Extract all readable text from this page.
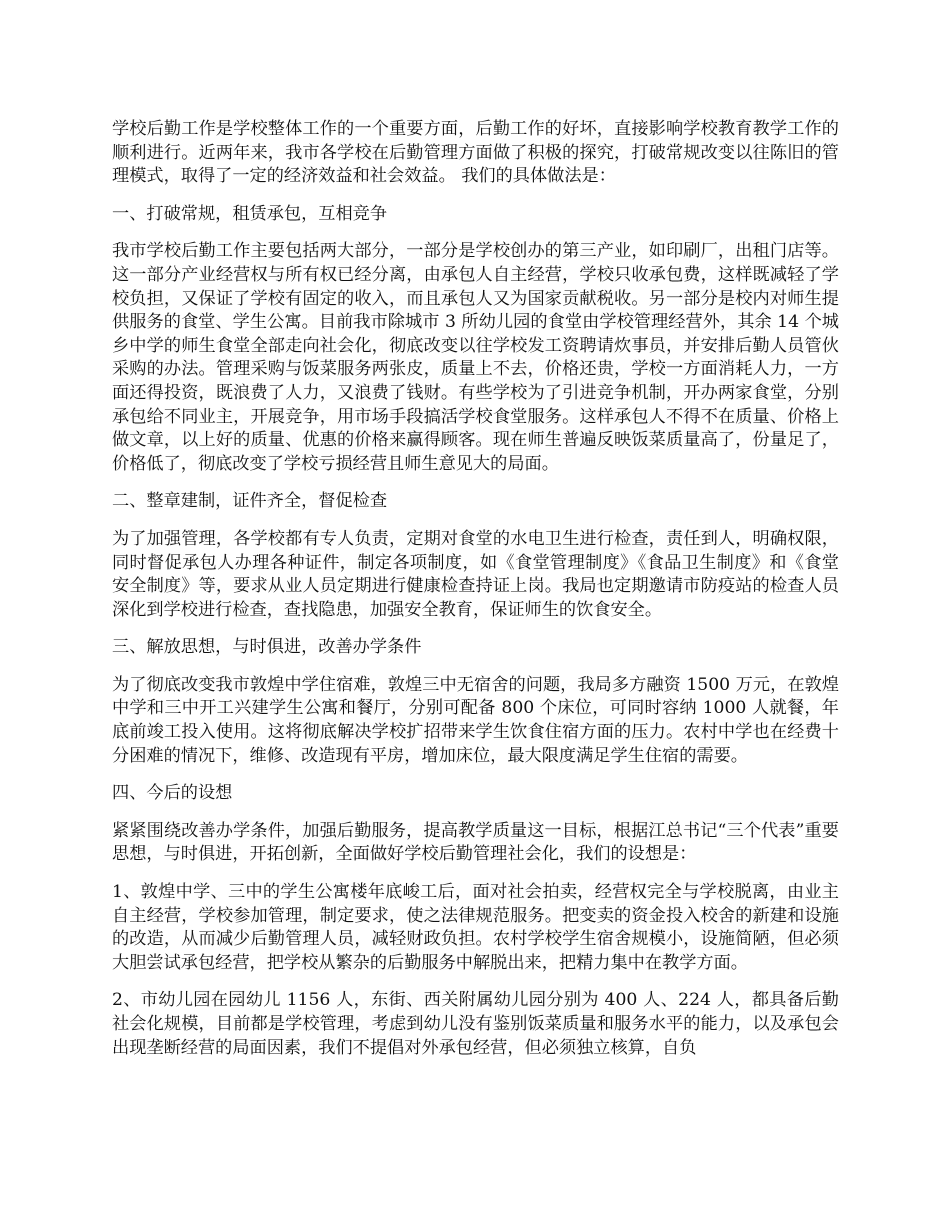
学校后勤工作是学校整体工作的一个重要方面，后勤工作的好坏，直接影响学校教育教学工作的顺利进行。近两年来，我市各学校在后勤管理方面做了积极的探究，打破常规改变以往陈旧的管理模式，取得了一定的经济效益和社会效益。 我们的具体做法是：

一、打破常规，租赁承包，互相竞争

我市学校后勤工作主要包括两大部分，一部分是学校创办的第三产业，如印刷厂，出租门店等。这一部分产业经营权与所有权已经分离，由承包人自主经营，学校只收承包费，这样既减轻了学校负担，又保证了学校有固定的收入，而且承包人又为国家贡献税收。另一部分是校内对师生提供服务的食堂、学生公寓。目前我市除城市 3 所幼儿园的食堂由学校管理经营外，其余 14 个城乡中学的师生食堂全部走向社会化，彻底改变以往学校发工资聘请炊事员，并安排后勤人员管伙采购的办法。管理采购与饭菜服务两张皮，质量上不去，价格还贵，学校一方面消耗人力，一方面还得投资，既浪费了人力，又浪费了钱财。有些学校为了引进竞争机制，开办两家食堂，分别承包给不同业主，开展竞争，用市场手段搞活学校食堂服务。这样承包人不得不在质量、价格上做文章，以上好的质量、优惠的价格来赢得顾客。现在师生普遍反映饭菜质量高了，份量足了，价格低了，彻底改变了学校亏损经营且师生意见大的局面。

二、整章建制，证件齐全，督促检查

为了加强管理，各学校都有专人负责，定期对食堂的水电卫生进行检查，责任到人，明确权限，同时督促承包人办理各种证件，制定各项制度，如《食堂管理制度》《食品卫生制度》和《食堂安全制度》等，要求从业人员定期进行健康检查持证上岗。我局也定期邀请市防疫站的检查人员深化到学校进行检查，查找隐患，加强安全教育，保证师生的饮食安全。

三、解放思想，与时俱进，改善办学条件

为了彻底改变我市敦煌中学住宿难，敦煌三中无宿舍的问题，我局多方融资 1500 万元，在敦煌中学和三中开工兴建学生公寓和餐厅，分别可配备 800 个床位，可同时容纳 1000 人就餐，年底前竣工投入使用。这将彻底解决学校扩招带来学生饮食住宿方面的压力。农村中学也在经费十分困难的情况下，维修、改造现有平房，增加床位，最大限度满足学生住宿的需要。

四、今后的设想

紧紧围绕改善办学条件，加强后勤服务，提高教学质量这一目标，根据江总书记“三个代表”重要思想，与时俱进，开拓创新，全面做好学校后勤管理社会化，我们的设想是：

1、敦煌中学、三中的学生公寓楼年底峻工后，面对社会拍卖，经营权完全与学校脱离，由业主自主经营，学校参加管理，制定要求，使之法律规范服务。把变卖的资金投入校舍的新建和设施的改造，从而减少后勤管理人员，减轻财政负担。农村学校学生宿舍规模小，设施简陋，但必须大胆尝试承包经营，把学校从繁杂的后勤服务中解脱出来，把精力集中在教学方面。

2、市幼儿园在园幼儿 1156 人，东街、西关附属幼儿园分别为 400 人、224 人，都具备后勤社会化规模，目前都是学校管理，考虑到幼儿没有鉴别饭菜质量和服务水平的能力，以及承包会出现垄断经营的局面因素，我们不提倡对外承包经营，但必须独立核算，自负
